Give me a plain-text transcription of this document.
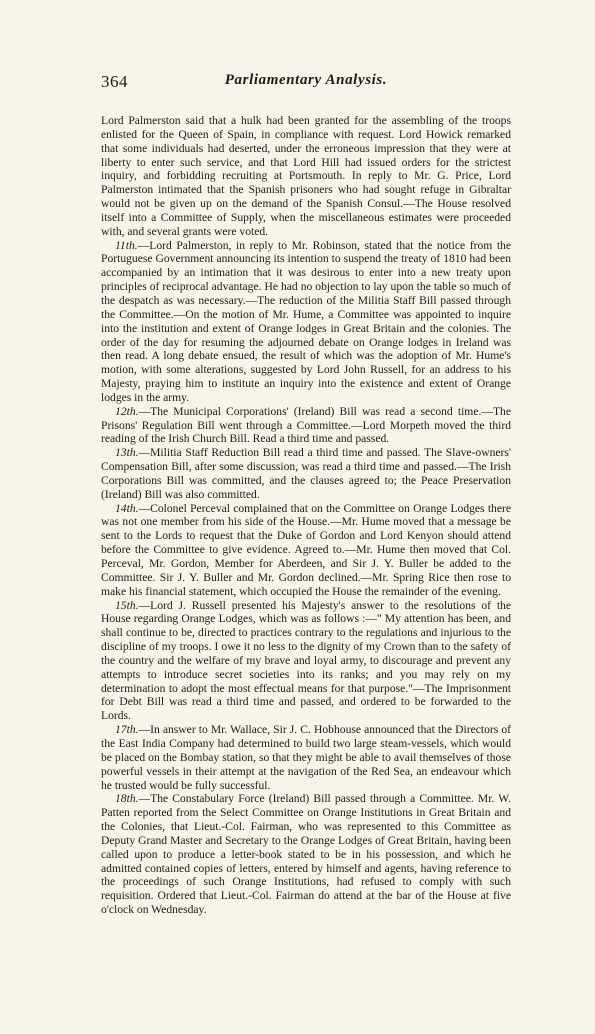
364	Parliamentary Analysis.

Lord Palmerston said that a hulk had been granted for the assembling of the troops enlisted for the Queen of Spain, in compliance with request. Lord Howick remarked that some individuals had deserted, under the erroneous impression that they were at liberty to enter such service, and that Lord Hill had issued orders for the strictest inquiry, and forbidding recruiting at Portsmouth. In reply to Mr. G. Price, Lord Palmerston intimated that the Spanish prisoners who had sought refuge in Gibraltar would not be given up on the demand of the Spanish Consul.—The House resolved itself into a Committee of Supply, when the miscellaneous estimates were proceeded with, and several grants were voted.

11th.—Lord Palmerston, in reply to Mr. Robinson, stated that the notice from the Portuguese Government announcing its intention to suspend the treaty of 1810 had been accompanied by an intimation that it was desirous to enter into a new treaty upon principles of reciprocal advantage. He had no objection to lay upon the table so much of the despatch as was necessary.—The reduction of the Militia Staff Bill passed through the Committee.—On the motion of Mr. Hume, a Committee was appointed to inquire into the institution and extent of Orange lodges in Great Britain and the colonies. The order of the day for resuming the adjourned debate on Orange lodges in Ireland was then read. A long debate ensued, the result of which was the adoption of Mr. Hume's motion, with some alterations, suggested by Lord John Russell, for an address to his Majesty, praying him to institute an inquiry into the existence and extent of Orange lodges in the army.

12th.—The Municipal Corporations' (Ireland) Bill was read a second time.—The Prisons' Regulation Bill went through a Committee.—Lord Morpeth moved the third reading of the Irish Church Bill. Read a third time and passed.

13th.—Militia Staff Reduction Bill read a third time and passed. The Slave-owners' Compensation Bill, after some discussion, was read a third time and passed.—The Irish Corporations Bill was committed, and the clauses agreed to; the Peace Preservation (Ireland) Bill was also committed.

14th.—Colonel Perceval complained that on the Committee on Orange Lodges there was not one member from his side of the House.—Mr. Hume moved that a message be sent to the Lords to request that the Duke of Gordon and Lord Kenyon should attend before the Committee to give evidence. Agreed to.—Mr. Hume then moved that Col. Perceval, Mr. Gordon, Member for Aberdeen, and Sir J. Y. Buller be added to the Committee. Sir J. Y. Buller and Mr. Gordon declined.—Mr. Spring Rice then rose to make his financial statement, which occupied the House the remainder of the evening.

15th.—Lord J. Russell presented his Majesty's answer to the resolutions of the House regarding Orange Lodges, which was as follows :—" My attention has been, and shall continue to be, directed to practices contrary to the regulations and injurious to the discipline of my troops. I owe it no less to the dignity of my Crown than to the safety of the country and the welfare of my brave and loyal army, to discourage and prevent any attempts to introduce secret societies into its ranks; and you may rely on my determination to adopt the most effectual means for that purpose."—The Imprisonment for Debt Bill was read a third time and passed, and ordered to be forwarded to the Lords.

17th.—In answer to Mr. Wallace, Sir J. C. Hobhouse announced that the Directors of the East India Company had determined to build two large steam-vessels, which would be placed on the Bombay station, so that they might be able to avail themselves of those powerful vessels in their attempt at the navigation of the Red Sea, an endeavour which he trusted would be fully successful.

18th.—The Constabulary Force (Ireland) Bill passed through a Committee. Mr. W. Patten reported from the Select Committee on Orange Institutions in Great Britain and the Colonies, that Lieut.-Col. Fairman, who was represented to this Committee as Deputy Grand Master and Secretary to the Orange Lodges of Great Britain, having been called upon to produce a letter-book stated to be in his possession, and which he admitted contained copies of letters, entered by himself and agents, having reference to the proceedings of such Orange Institutions, had refused to comply with such requisition. Ordered that Lieut.-Col. Fairman do attend at the bar of the House at five o'clock on Wednesday.
